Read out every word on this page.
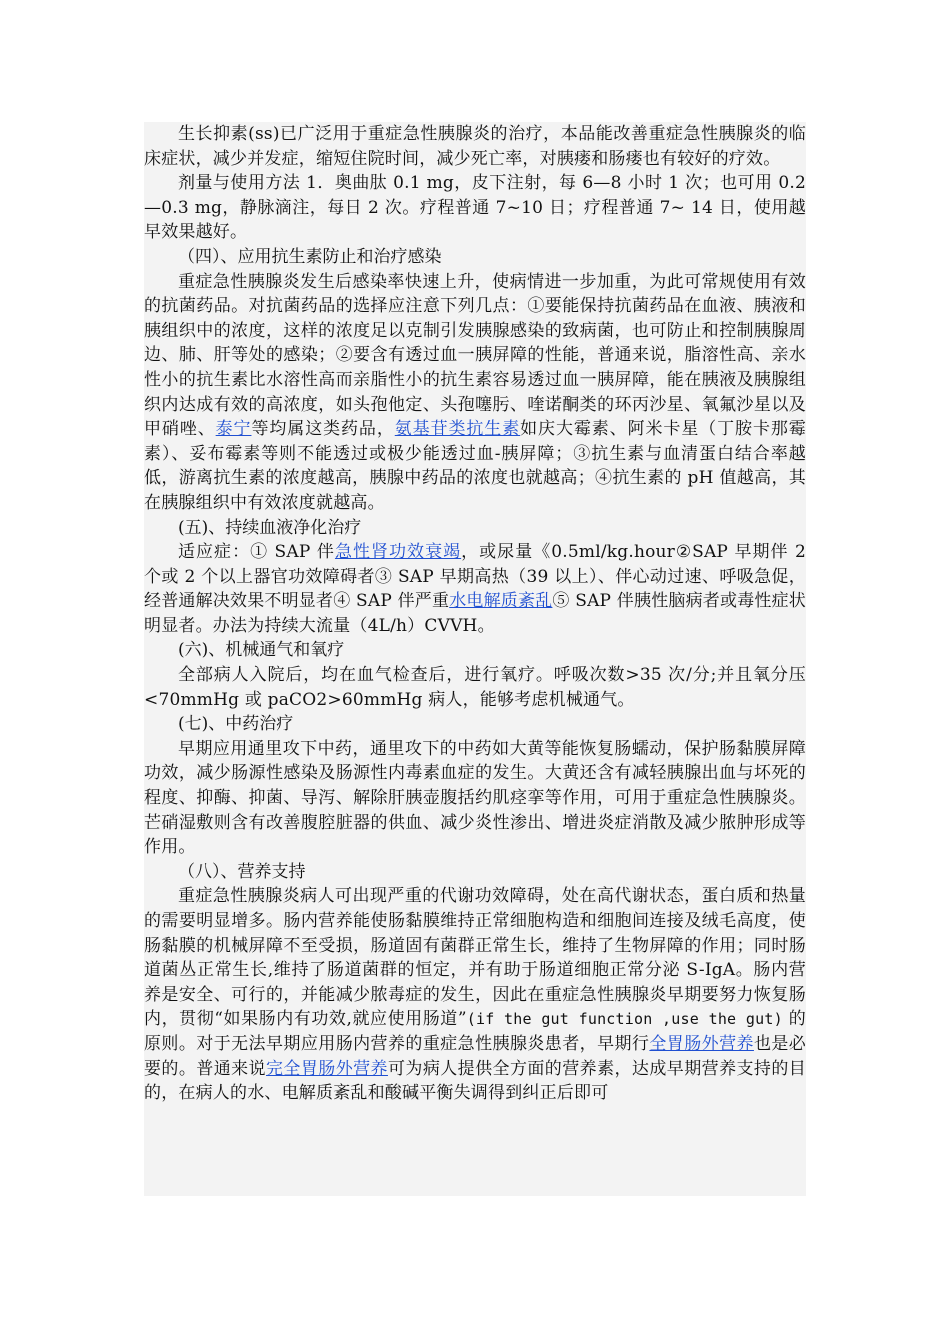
生长抑素(ss)已广泛用于重症急性胰腺炎的治疗，本品能改善重症急性胰腺炎的临床症状，减少并发症，缩短住院时间，减少死亡率，对胰瘘和肠瘘也有较好的疗效。

剂量与使用方法 1．奥曲肽 0.1 mg，皮下注射，每 6—8 小时 1 次；也可用 0.2—0.3 mg，静脉滴注，每日 2 次。疗程普通 7~10 日；疗程普通 7~ 14 日，使用越早效果越好。

（四）、应用抗生素防止和治疗感染

重症急性胰腺炎发生后感染率快速上升，使病情进一步加重，为此可常规使用有效的抗菌药品。对抗菌药品的选择应注意下列几点：①要能保持抗菌药品在血液、胰液和胰组织中的浓度，这样的浓度足以克制引发胰腺感染的致病菌，也可防止和控制胰腺周边、肺、肝等处的感染；②要含有透过血一胰屏障的性能，普通来说，脂溶性高、亲水性小的抗生素比水溶性高而亲脂性小的抗生素容易透过血一胰屏障，能在胰液及胰腺组织内达成有效的高浓度，如头孢他定、头孢噻肟、喹诺酮类的环丙沙星、氧氟沙星以及甲硝唑、泰宁等均属这类药品，氨基苷类抗生素如庆大霉素、阿米卡星（丁胺卡那霉素）、妥布霉素等则不能透过或极少能透过血-胰屏障；③抗生素与血清蛋白结合率越低，游离抗生素的浓度越高，胰腺中药品的浓度也就越高；④抗生素的 pH 值越高，其在胰腺组织中有效浓度就越高。

(五)、持续血液净化治疗

适应症：① SAP 伴急性肾功效衰竭，或尿量《0.5ml/kg.hour②SAP 早期伴 2 个或 2 个以上器官功效障碍者③ SAP 早期高热（39 以上）、伴心动过速、呼吸急促，经普通解决效果不明显者④ SAP 伴严重水电解质紊乱⑤ SAP 伴胰性脑病者或毒性症状明显者。办法为持续大流量（4L/h）CVVH。

(六)、机械通气和氧疗

全部病人入院后，均在血气检查后，进行氧疗。呼吸次数>35 次/分;并且氧分压<70mmHg 或 paCO2>60mmHg 病人，能够考虑机械通气。

(七)、中药治疗

早期应用通里攻下中药，通里攻下的中药如大黄等能恢复肠蠕动，保护肠黏膜屏障功效，减少肠源性感染及肠源性内毒素血症的发生。大黄还含有减轻胰腺出血与坏死的程度、抑酶、抑菌、导泻、解除肝胰壶腹括约肌痉挛等作用，可用于重症急性胰腺炎。芒硝湿敷则含有改善腹腔脏器的供血、减少炎性渗出、增进炎症消散及减少脓肿形成等作用。

（八）、营养支持

重症急性胰腺炎病人可出现严重的代谢功效障碍，处在高代谢状态，蛋白质和热量的需要明显增多。肠内营养能使肠黏膜维持正常细胞构造和细胞间连接及绒毛高度，使肠黏膜的机械屏障不至受损，肠道固有菌群正常生长，维持了生物屏障的作用；同时肠道菌丛正常生长,维持了肠道菌群的恒定，并有助于肠道细胞正常分泌 S-IgA。肠内营养是安全、可行的，并能减少脓毒症的发生，因此在重症急性胰腺炎早期要努力恢复肠内，贯彻“如果肠内有功效,就应使用肠道”(if the gut function ,use the gut) 的原则。对于无法早期应用肠内营养的重症急性胰腺炎患者，早期行全胃肠外营养也是必要的。普通来说完全胃肠外营养可为病人提供全方面的营养素，达成早期营养支持的目的，在病人的水、电解质紊乱和酸碱平衡失调得到纠正后即可
